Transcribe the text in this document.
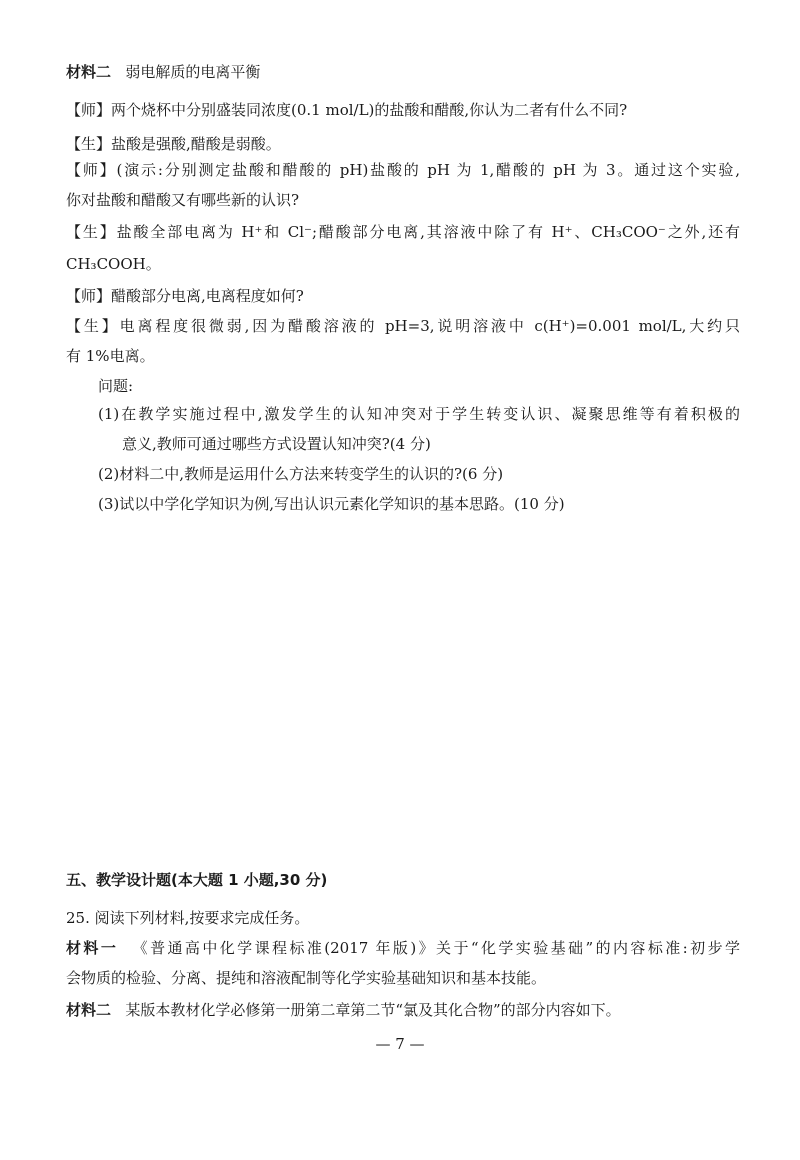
材料二 弱电解质的电离平衡
【师】两个烧杯中分别盛装同浓度(0.1 mol/L)的盐酸和醋酸,你认为二者有什么不同?
【生】盐酸是强酸,醋酸是弱酸。
【师】(演示:分别测定盐酸和醋酸的 pH)盐酸的 pH 为 1,醋酸的 pH 为 3。通过这个实验,
你对盐酸和醋酸又有哪些新的认识?
【生】盐酸全部电离为 H⁺和 Cl⁻;醋酸部分电离,其溶液中除了有 H⁺、CH₃COO⁻之外,还有
CH₃COOH。
【师】醋酸部分电离,电离程度如何?
【生】电离程度很微弱,因为醋酸溶液的 pH=3,说明溶液中 c(H⁺)=0.001 mol/L,大约只
有 1%电离。
问题:
(1)在教学实施过程中,激发学生的认知冲突对于学生转变认识、凝聚思维等有着积极的
意义,教师可通过哪些方式设置认知冲突?(4 分)
(2)材料二中,教师是运用什么方法来转变学生的认识的?(6 分)
(3)试以中学化学知识为例,写出认识元素化学知识的基本思路。(10 分)
五、教学设计题(本大题 1 小题,30 分)
25. 阅读下列材料,按要求完成任务。
材料一 《普通高中化学课程标准(2017 年版)》关于“化学实验基础”的内容标准:初步学
会物质的检验、分离、提纯和溶液配制等化学实验基础知识和基本技能。
材料二 某版本教材化学必修第一册第二章第二节“氯及其化合物”的部分内容如下。
— 7 —
